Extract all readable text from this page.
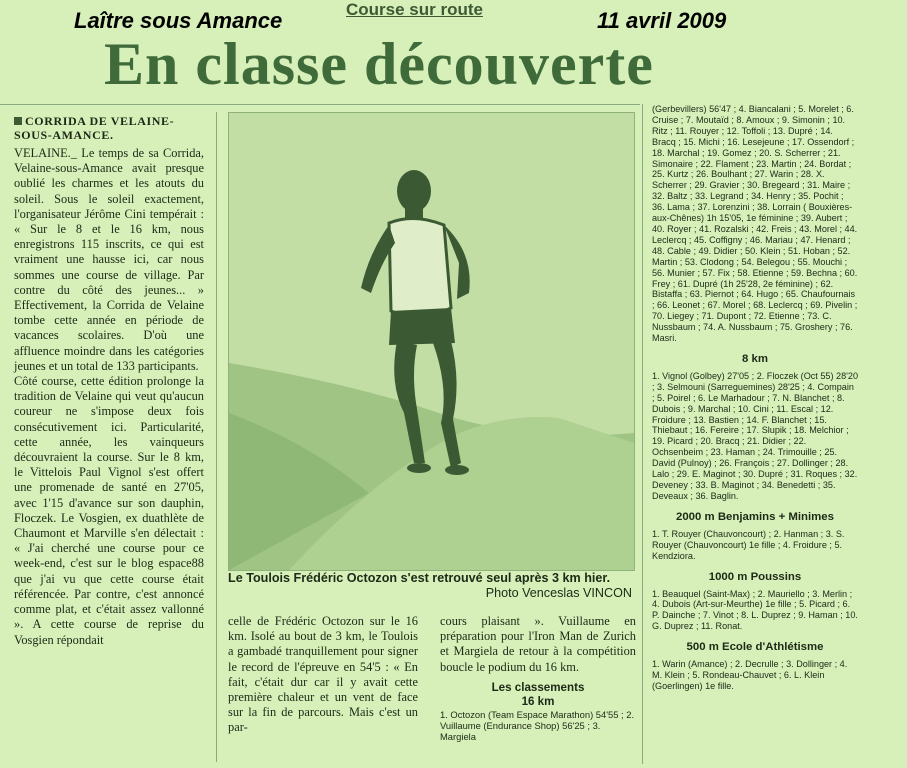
Laître sous Amance	Course sur route	11 avril 2009
En classe découverte
CORRIDA DE VELAINE-SOUS-AMANCE.

VELAINE._ Le temps de sa Corrida, Velaine-sous-Amance avait presque oublié les charmes et les atouts du soleil. Sous le soleil exactement, l'organisateur Jérôme Cini tempérait : « Sur le 8 et le 16 km, nous enregistrons 115 inscrits, ce qui est vraiment une hausse ici, car nous sommes une course de village. Par contre du côté des jeunes... » Effectivement, la Corrida de Velaine tombe cette année en période de vacances scolaires. D'où une affluence moindre dans les catégories jeunes et un total de 133 participants.

Côté course, cette édition prolonge la tradition de Velaine qui veut qu'aucun coureur ne s'impose deux fois consécutivement ici. Particularité, cette année, les vainqueurs découvraient la course. Sur le 8 km, le Vittelois Paul Vignol s'est offert une promenade de santé en 27'05, avec 1'15 d'avance sur son dauphin, Floczek. Le Vosgien, ex duathlète de Chaumont et Marville s'en délectait : « J'ai cherché une course pour ce week-end, c'est sur le blog espace88 que j'ai vu que cette course était référencée. Par contre, c'est annoncé comme plat, et c'était assez vallonné ». A cette course de reprise du Vosgien répondait

Le Toulois Frédéric Octozon s'est retrouvé seul après 3 km hier.
Photo Venceslas VINCON

celle de Frédéric Octozon sur le 16 km. Isolé au bout de 3 km, le Toulois a gambadé tranquillement pour signer le record de l'épreuve en 54'5 : « En fait, c'était dur car il y avait cette première chaleur et un vent de face sur la fin de parcours. Mais c'est un par-

cours plaisant ». Vuillaume en préparation pour l'Iron Man de Zurich et Margiela de retour à la compétition boucle le podium du 16 km.

Les classements
16 km
1. Octozon (Team Espace Marathon) 54'55 ; 2. Vuillaume (Endurance Shop) 56'25 ; 3. Margiela
(Gerbevillers) 56'47 ; 4. Biancalani ; 5. Morelet ; 6. Cruise ; 7. Moutaïd ; 8. Amoux ; 9. Simonin ; 10. Ritz ; 11. Rouyer ; 12. Toffoli ; 13. Dupré ; 14. Bracq ; 15. Michi ; 16. Lesejeune ; 17. Ossendorf ; 18. Marchal ; 19. Gomez ; 20. S. Scherrer ; 21. Simonaire ; 22. Flament ; 23. Martin ; 24. Bordat ; 25. Kurtz ; 26. Boulhant ; 27. Warin ; 28. X. Scherrer ; 29. Gravier ; 30. Bregeard ; 31. Maire ; 32. Baltz ; 33. Legrand ; 34. Henry ; 35. Pochit ; 36. Lama ; 37. Lorenzini ; 38. Lorrain ( Bouxières-aux-Chênes) 1h 15'05, 1e féminine ; 39. Aubert ; 40. Royer ; 41. Rozalski ; 42. Freis ; 43. Morel ; 44. Leclercq ; 45. Coffigny ; 46. Mariau ; 47. Henard ; 48. Cable ; 49. Didier ; 50. Klein ; 51. Hoban ; 52. Martin ; 53. Clodong ; 54. Belegou ; 55. Mouchi ; 56. Munier ; 57. Fix ; 58. Etienne ; 59. Bechna ; 60. Frey ; 61. Dupré (1h 25'28, 2e féminine) ; 62. Bistaffa ; 63. Piernot ; 64. Hugo ; 65. Chaufournais ; 66. Leonet ; 67. Morel ; 68. Leclercq ; 69. Pivelin ; 70. Liegey ; 71. Dupont ; 72. Etienne ; 73. C. Nussbaum ; 74. A. Nussbaum ; 75. Groshery ; 76. Masri.
8 km
1. Vignol (Golbey) 27'05 ; 2. Floczek (Oct 55) 28'20 ; 3. Selmouni (Sarreguemines) 28'25 ; 4. Compain ; 5. Poirel ; 6. Le Marhadour ; 7. N. Blanchet ; 8. Dubois ; 9. Marchal ; 10. Cini ; 11. Escal ; 12. Froidure ; 13. Bastien ; 14. F. Blanchet ; 15. Thiebaut ; 16. Fereire ; 17. Slupik ; 18. Melchior ; 19. Picard ; 20. Bracq ; 21. Didier ; 22. Ochsenbeim ; 23. Haman ; 24. Trimouille ; 25. David (Pulnoy) ; 26. François ; 27. Dollinger ; 28. Lalo ; 29. E. Maginot ; 30. Dupré ; 31. Roques ; 32. Deveney ; 33. B. Maginot ; 34. Benedetti ; 35. Deveaux ; 36. Baglin.
2000 m Benjamins + Minimes
1. T. Rouyer (Chauvoncourt) ; 2. Hanman ; 3. S. Rouyer (Chauvoncourt) 1e fille ; 4. Froidure ; 5. Kendziora.
1000 m Poussins
1. Beauquel (Saint-Max) ; 2. Mauriello ; 3. Merlin ; 4. Dubois (Art-sur-Meurthe) 1e fille ; 5. Picard ; 6. P. Dainche ; 7. Vinot ; 8. L. Duprez ; 9. Haman ; 10. G. Duprez ; 11. Ronat.
500 m Ecole d'Athlétisme
1. Warin (Amance) ; 2. Decrulle ; 3. Dollinger ; 4. M. Klein ; 5. Rondeau-Chauvet ; 6. L. Klein (Goerlingen) 1e fille.
